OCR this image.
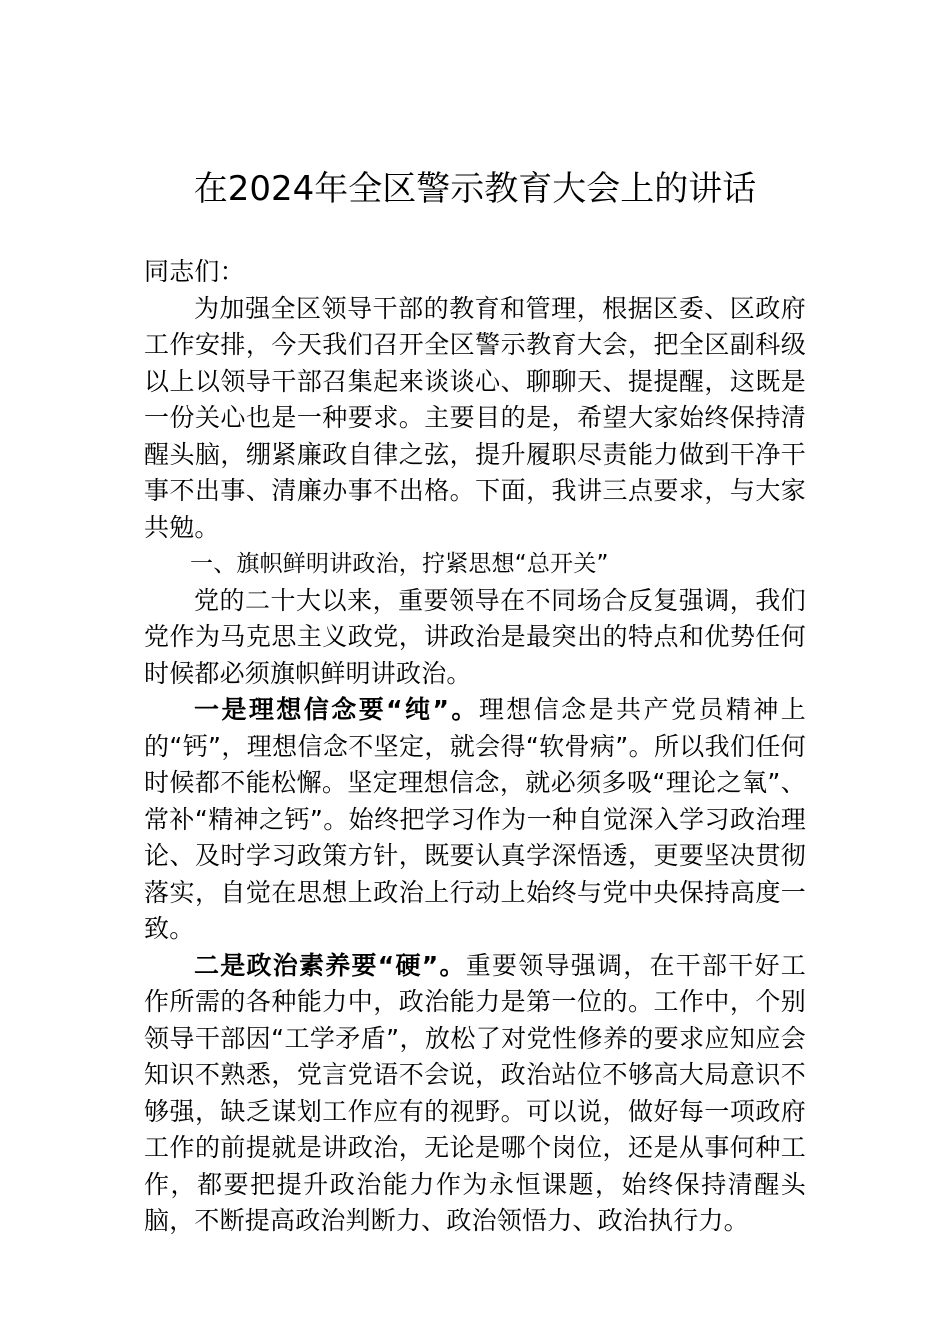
在2024年全区警示教育大会上的讲话

同志们：

为加强全区领导干部的教育和管理，根据区委、区政府工作安排，今天我们召开全区警示教育大会，把全区副科级以上以领导干部召集起来谈谈心、聊聊天、提提醒，这既是一份关心也是一种要求。主要目的是，希望大家始终保持清醒头脑，绷紧廉政自律之弦，提升履职尽责能力做到干净干事不出事、清廉办事不出格。下面，我讲三点要求，与大家共勉。

一、旗帜鲜明讲政治，拧紧思想“总开关”

党的二十大以来，重要领导在不同场合反复强调，我们党作为马克思主义政党，讲政治是最突出的特点和优势任何时候都必须旗帜鲜明讲政治。

一是理想信念要“纯”。理想信念是共产党员精神上的“钙”，理想信念不坚定，就会得“软骨病”。所以我们任何时候都不能松懈。坚定理想信念，就必须多吸“理论之氧”、常补“精神之钙”。始终把学习作为一种自觉深入学习政治理论、及时学习政策方针，既要认真学深悟透，更要坚决贯彻落实，自觉在思想上政治上行动上始终与党中央保持高度一致。

二是政治素养要“硬”。重要领导强调，在干部干好工作所需的各种能力中，政治能力是第一位的。工作中，个别领导干部因“工学矛盾”，放松了对党性修养的要求应知应会知识不熟悉，党言党语不会说，政治站位不够高大局意识不够强，缺乏谋划工作应有的视野。可以说，做好每一项政府工作的前提就是讲政治，无论是哪个岗位，还是从事何种工作，都要把提升政治能力作为永恒课题，始终保持清醒头脑，不断提高政治判断力、政治领悟力、政治执行力。
